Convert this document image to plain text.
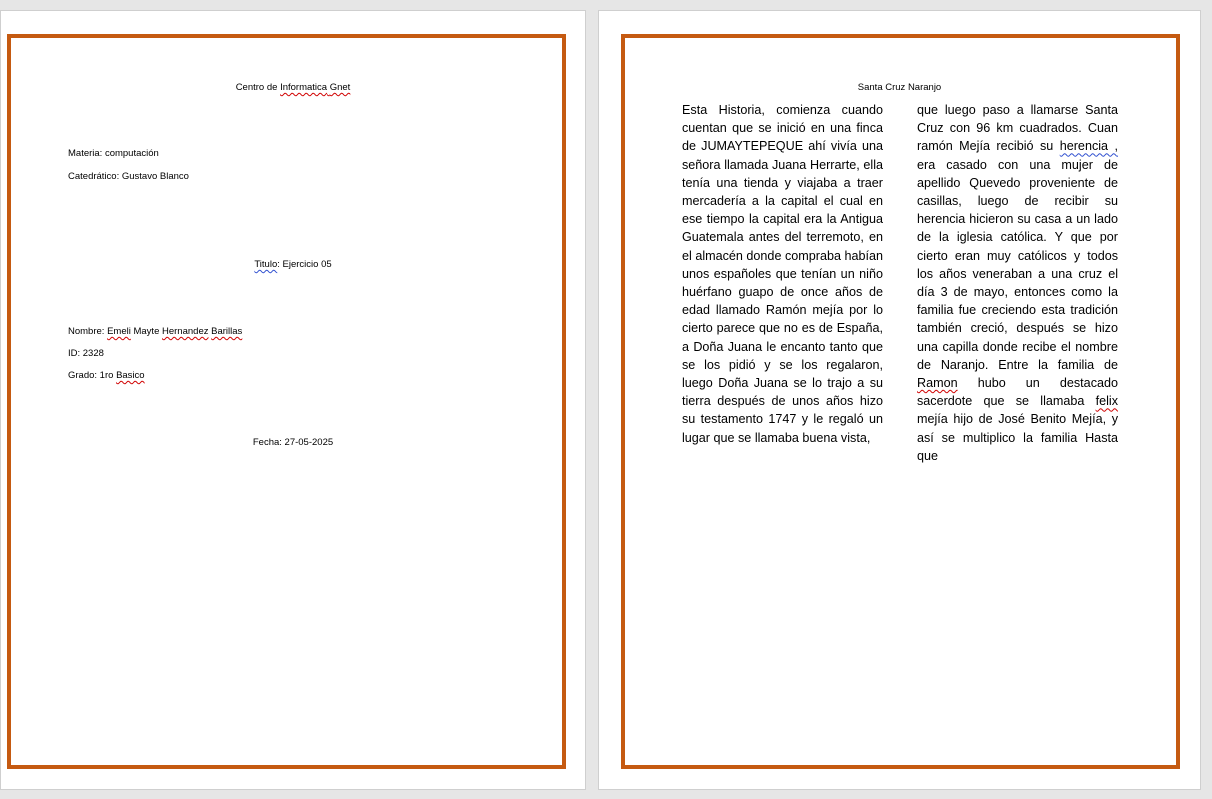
Centro de Informatica Gnet
Materia: computación
Catedrático: Gustavo Blanco
Titulo: Ejercicio 05
Nombre: Emeli Mayte Hernandez Barillas
ID: 2328
Grado: 1ro Basico
Fecha: 27-05-2025
Santa Cruz Naranjo
Esta Historia, comienza cuando cuentan que se inició en una finca de JUMAYTEPEQUE ahí vivía una señora llamada Juana Herrarte, ella tenía una tienda y viajaba a traer mercadería a la capital el cual en ese tiempo la capital era la Antigua Guatemala antes del terremoto, en el almacén donde compraba habían unos españoles que tenían un niño huérfano guapo de once años de edad llamado Ramón mejía por lo cierto parece que no es de España, a Doña Juana le encanto tanto que se los pidió y se los regalaron, luego Doña Juana se lo trajo a su tierra después de unos años hizo su testamento 1747 y le regaló un lugar que se llamaba buena vista,
que luego paso a llamarse Santa Cruz con 96 km cuadrados. Cuan ramón Mejía recibió su herencia , era casado con una mujer de apellido Quevedo proveniente de casillas, luego de recibir su herencia hicieron su casa a un lado de la iglesia católica. Y que por cierto eran muy católicos y todos los años veneraban a una cruz el día 3 de mayo, entonces como la familia fue creciendo esta tradición también creció, después se hizo una capilla donde recibe el nombre de Naranjo. Entre la familia de Ramon hubo un destacado sacerdote que se llamaba felix mejía hijo de José Benito Mejía, y así se multiplico la familia Hasta que
